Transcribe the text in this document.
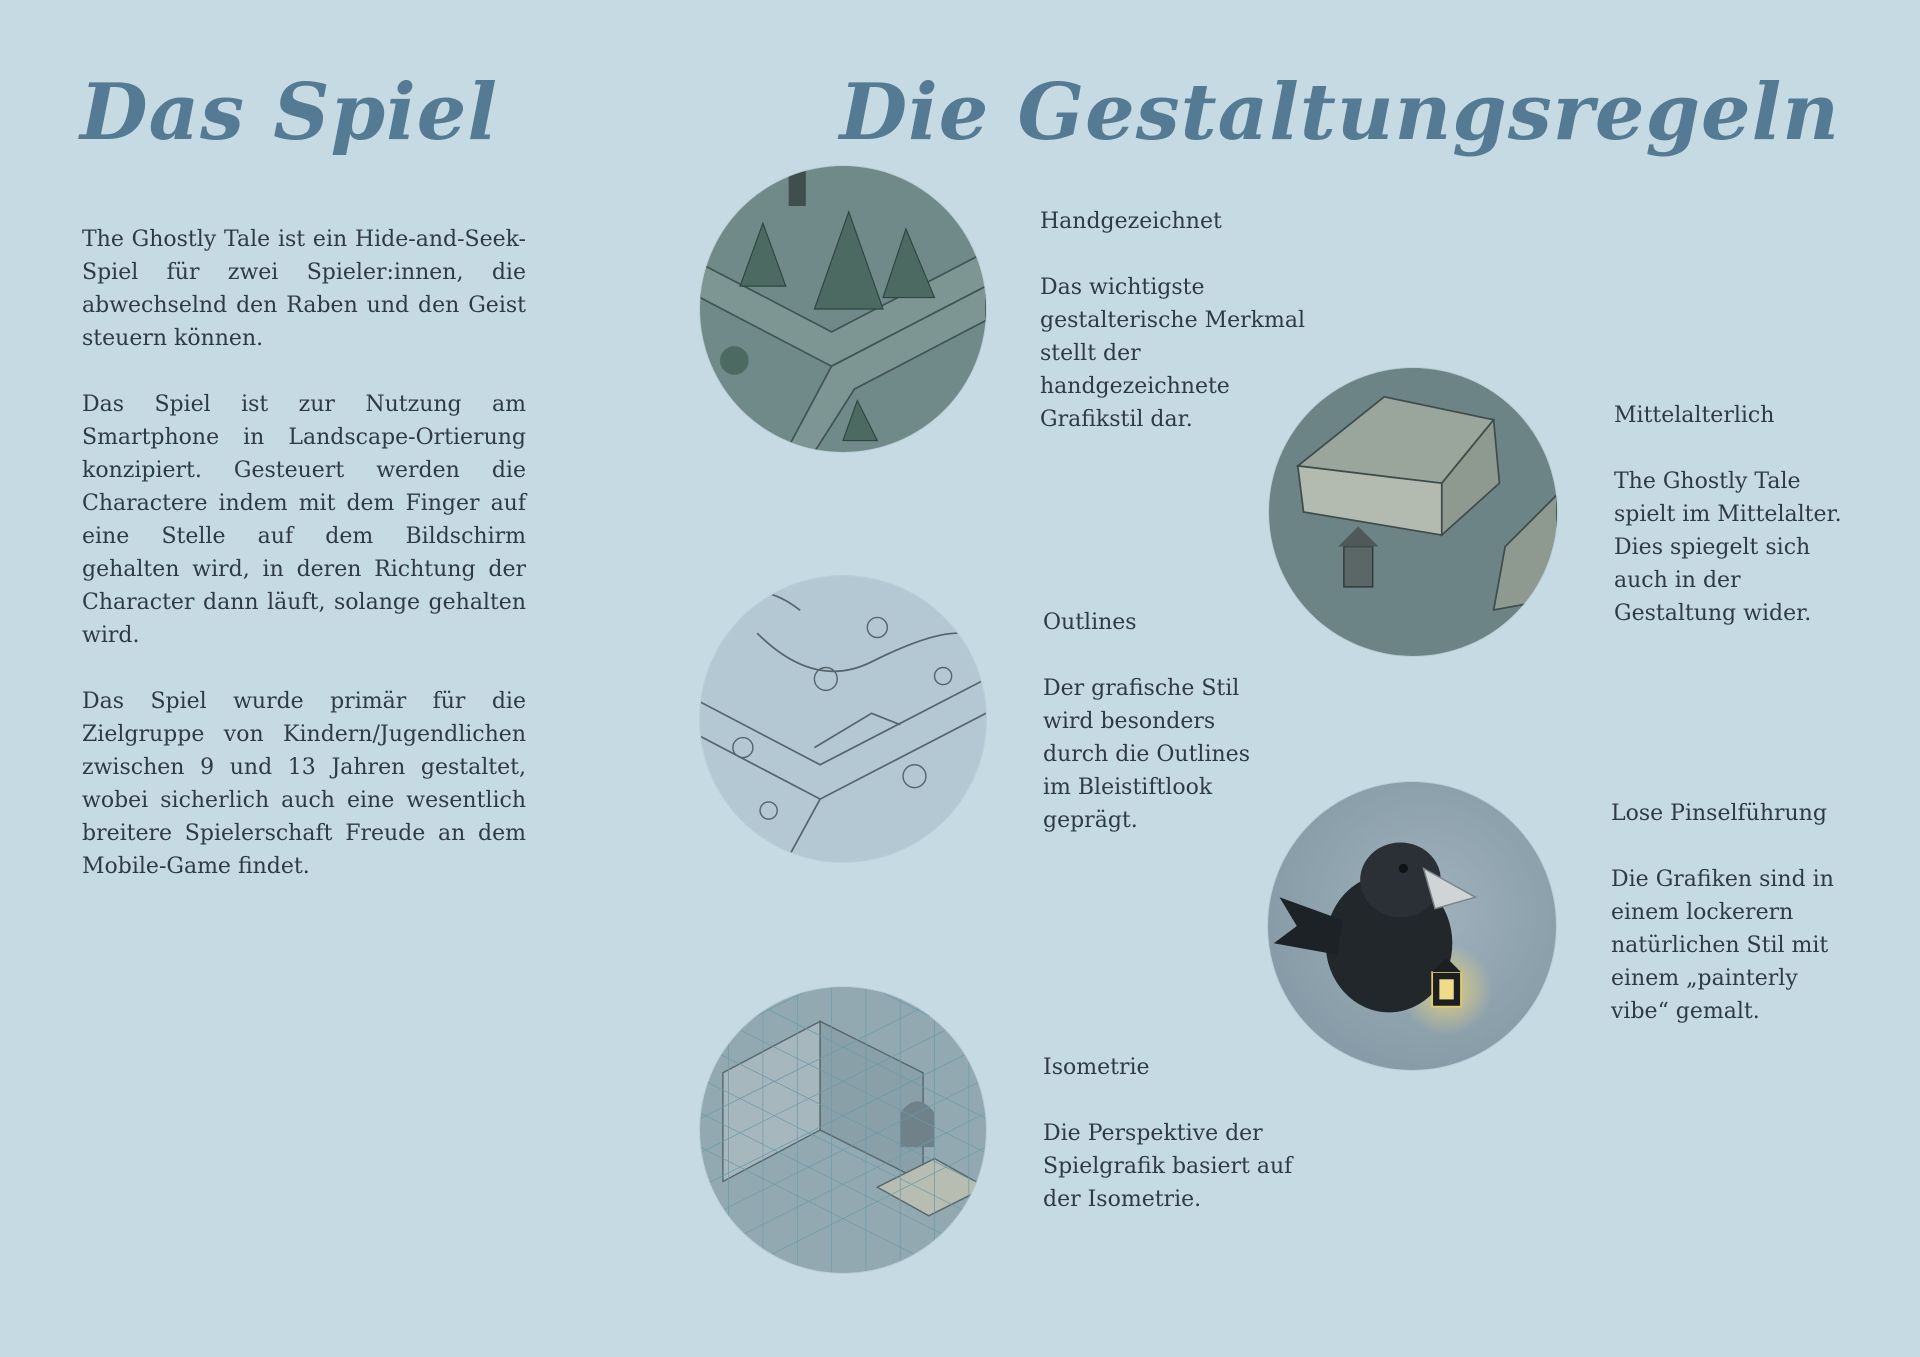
Das Spiel	Die Gestaltungsregeln

The Ghostly Tale ist ein Hide-and-Seek-Spiel für zwei Spieler:innen, die abwechselnd den Raben und den Geist steuern können.

Das Spiel ist zur Nutzung am Smartphone in Landscape-Ortierung konzipiert. Gesteuert werden die Charactere indem mit dem Finger auf eine Stelle auf dem Bildschirm gehalten wird, in deren Richtung der Character dann läuft, solange gehalten wird.

Das Spiel wurde primär für die Zielgruppe von Kindern/Jugendlichen zwischen 9 und 13 Jahren gestaltet, wobei sicherlich auch eine wesentlich breitere Spielerschaft Freude an dem Mobile-Game findet.

Handgezeichnet

Das wichtigste gestalterische Merkmal stellt der handgezeichnete Grafikstil dar.	Mittelalterlich

The Ghostly Tale spielt im Mittelalter. Dies spiegelt sich auch in der Gestaltung wider.

Outlines

Der grafische Stil wird besonders durch die Outlines im Bleistiftlook geprägt.	Lose Pinselführung

Die Grafiken sind in einem lockerern natürlichen Stil mit einem „painterly vibe“ gemalt.

Isometrie

Die Perspektive der Spielgrafik basiert auf der Isometrie.
